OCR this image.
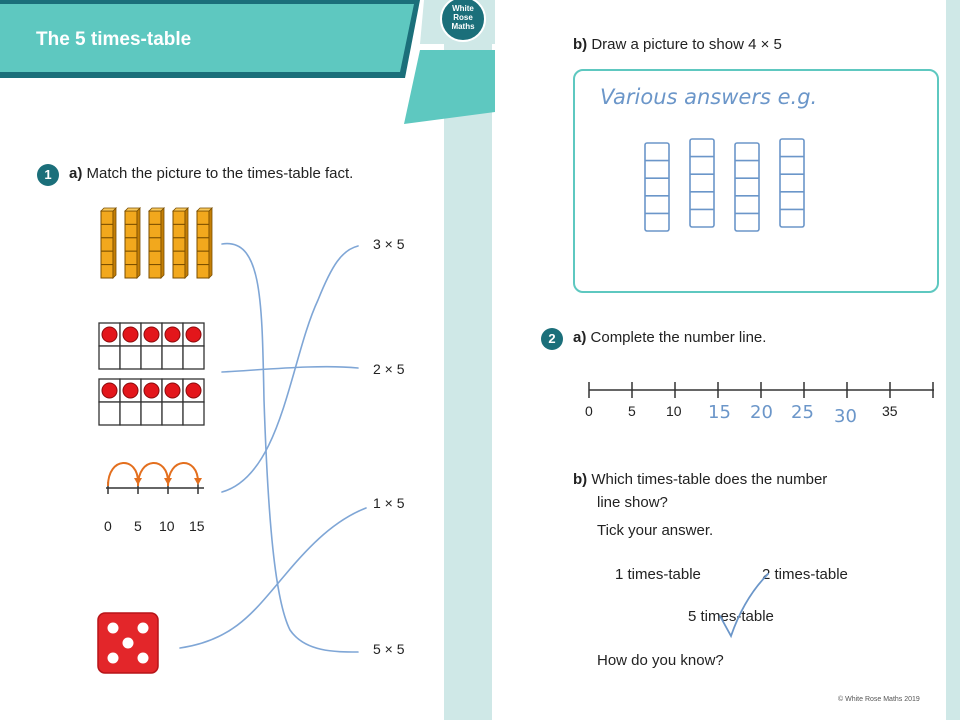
The 5 times-table
White
Rose
Maths
1	a) Match the picture to the times-table fact.
0 5 10 15
3 × 5
2 × 5
1 × 5
5 × 5
b) Draw a picture to show 4 × 5
Various answers e.g.
2	a) Complete the number line.
0	5 10	35
15 20 25 30
b) Which times-table does the number
line show?
Tick your answer.
1 times-table	2 times-table
5 times-table
How do you know?
© White Rose Maths 2019
